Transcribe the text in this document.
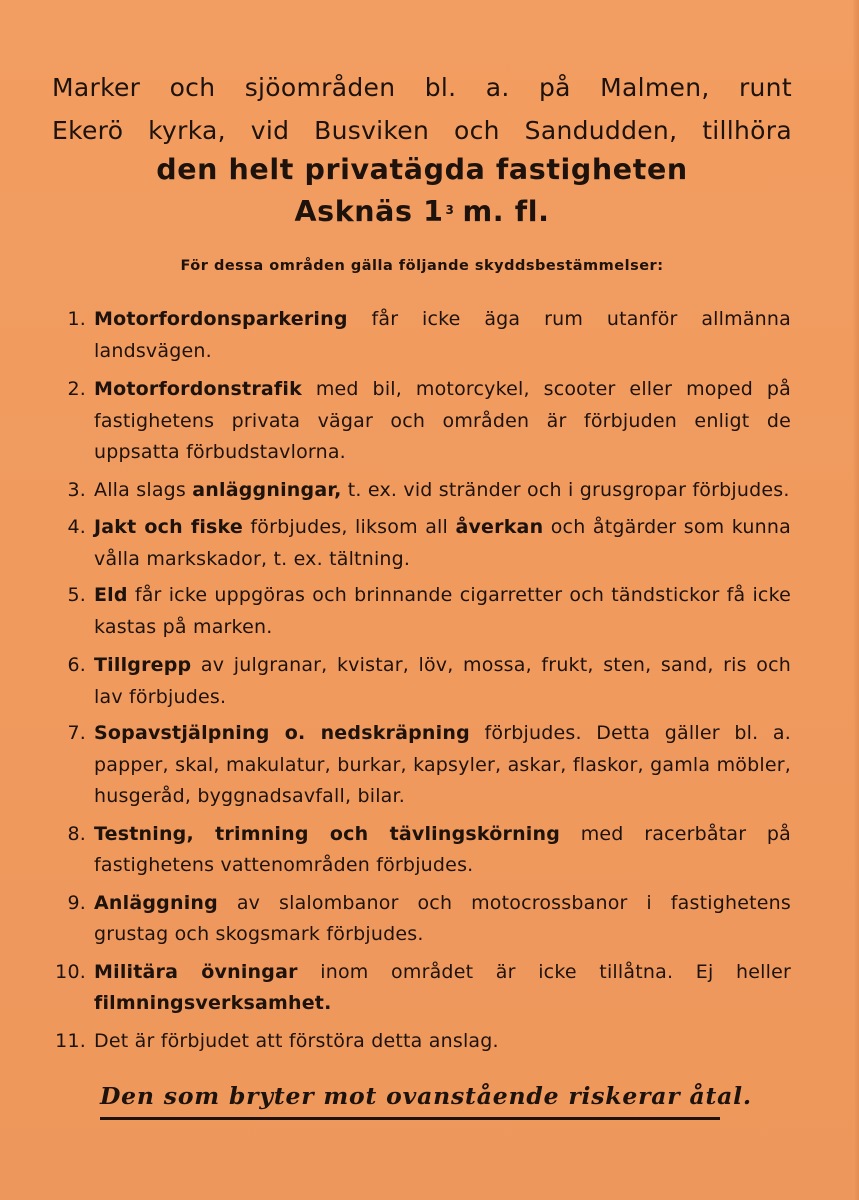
Marker och sjöområden bl. a. på Malmen, runt
Ekerö kyrka, vid Busviken och Sandudden, tillhöra
den helt privatägda fastigheten
Asknäs 1 $^3$ m. fl.
För dessa områden gälla följande skyddsbestämmelser:
1. Motorfordonsparkering får icke äga rum utanför allmänna landsvägen.
2. Motorfordonstrafik med bil, motorcykel, scooter eller moped på fastighetens privata vägar och områden är förbjuden enligt de uppsatta förbudstavlorna.
3. Alla slags anläggningar, t. ex. vid stränder och i grusgropar förbjudes.
4. Jakt och fiske förbjudes, liksom all åverkan och åtgärder som kunna vålla markskador, t. ex. tältning.
5. Eld får icke uppgöras och brinnande cigarretter och tändstickor få icke kastas på marken.
6. Tillgrepp av julgranar, kvistar, löv, mossa, frukt, sten, sand, ris och lav förbjudes.
7. Sopavstjälpning o. nedskräpning förbjudes. Detta gäller bl. a. papper, skal, makulatur, burkar, kapsyler, askar, flaskor, gamla möbler, husgeråd, byggnadsavfall, bilar.
8. Testning, trimning och tävlingskörning med racerbåtar på fastighetens vattenområden förbjudes.
9. Anläggning av slalombanor och motocrossbanor i fastighetens grustag och skogsmark förbjudes.
10. Militära övningar inom området är icke tillåtna. Ej heller filmningsverksamhet.
11. Det är förbjudet att förstöra detta anslag.
Den som bryter mot ovanstående riskerar åtal.
